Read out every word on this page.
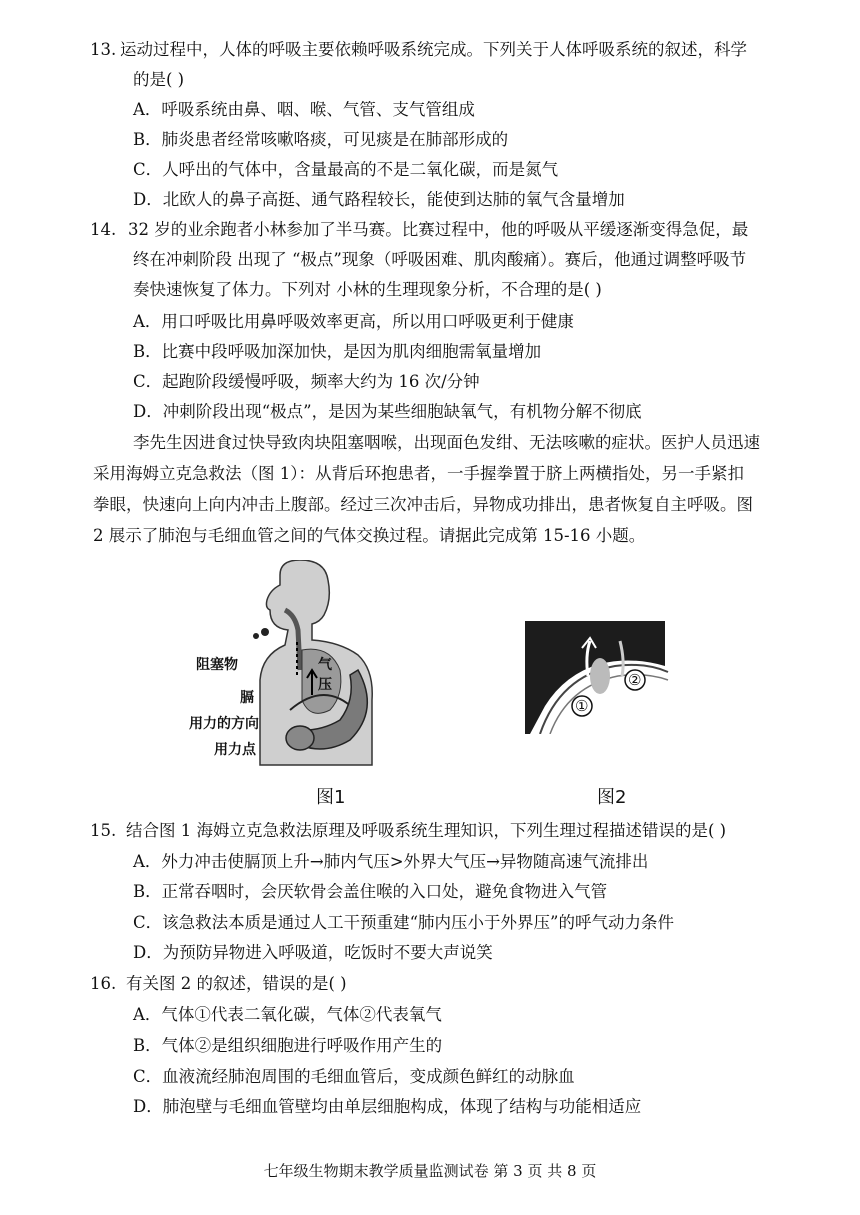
13. 运动过程中，人体的呼吸主要依赖呼吸系统完成。下列关于人体呼吸系统的叙述，科学
的是( )
A．呼吸系统由鼻、咽、喉、气管、支气管组成
B．肺炎患者经常咳嗽咯痰，可见痰是在肺部形成的
C．人呼出的气体中，含量最高的不是二氧化碳，而是氮气
D．北欧人的鼻子高挺、通气路程较长，能使到达肺的氧气含量增加
14. 32 岁的业余跑者小林参加了半马赛。比赛过程中，他的呼吸从平缓逐渐变得急促，最
终在冲刺阶段 出现了 “极点”现象（呼吸困难、肌肉酸痛）。赛后，他通过调整呼吸节
奏快速恢复了体力。下列对 小林的生理现象分析，不合理的是( )
A．用口呼吸比用鼻呼吸效率更高，所以用口呼吸更利于健康
B．比赛中段呼吸加深加快，是因为肌肉细胞需氧量增加
C．起跑阶段缓慢呼吸，频率大约为 16 次/分钟
D．冲刺阶段出现“极点”，是因为某些细胞缺氧气，有机物分解不彻底
李先生因进食过快导致肉块阻塞咽喉，出现面色发绀、无法咳嗽的症状。医护人员迅速
采用海姆立克急救法（图 1）：从背后环抱患者，一手握拳置于脐上两横指处，另一手紧扣
拳眼，快速向上向内冲击上腹部。经过三次冲击后，异物成功排出，患者恢复自主呼吸。图
2 展示了肺泡与毛细血管之间的气体交换过程。请据此完成第 15-16 小题。
阻塞物
膈
用力的方向
用力点
气
压
图1
①
②
图2
15. 结合图 1 海姆立克急救法原理及呼吸系统生理知识，下列生理过程描述错误的是( )
A．外力冲击使膈顶上升→肺内气压>外界大气压→异物随高速气流排出
B．正常吞咽时，会厌软骨会盖住喉的入口处，避免食物进入气管
C．该急救法本质是通过人工干预重建“肺内压小于外界压”的呼气动力条件
D．为预防异物进入呼吸道，吃饭时不要大声说笑
16. 有关图 2 的叙述，错误的是( )
A．气体①代表二氧化碳，气体②代表氧气
B．气体②是组织细胞进行呼吸作用产生的
C．血液流经肺泡周围的毛细血管后，变成颜色鲜红的动脉血
D．肺泡壁与毛细血管壁均由单层细胞构成，体现了结构与功能相适应
七年级生物期末教学质量监测试卷 第 3 页 共 8 页
